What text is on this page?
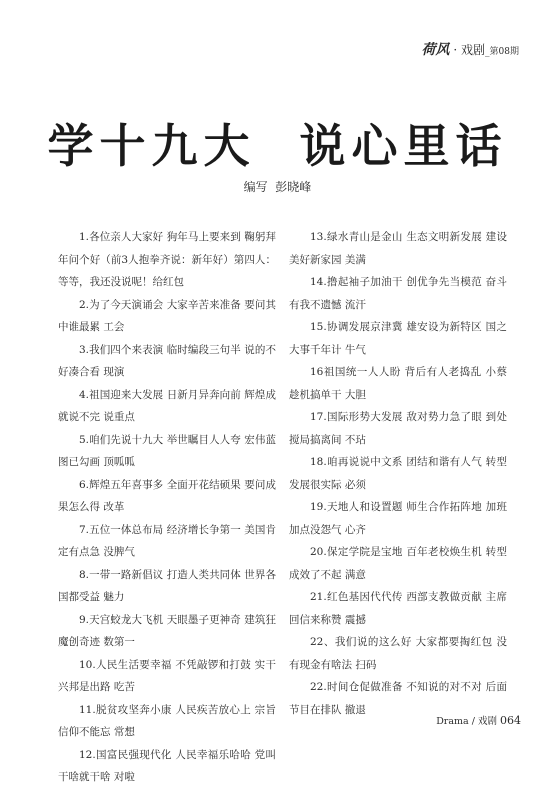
荷风 · 戏剧_第08期
学十九大  说心里话
编写  彭晓峰

1.各位亲人大家好 狗年马上要来到 鞠躬拜年问个好（前3人抱拳齐说：新年好）第四人：等等，我还没说呢！给红包

2.为了今天演诵会 大家辛苦来准备 要问其中谁最累 工会

3.我们四个来表演 临时编段三句半 说的不好凑合看 现演

4.祖国迎来大发展 日新月异奔向前 辉煌成就说不完 说重点

5.咱们先说十九大 举世瞩目人人夸 宏伟蓝图已勾画 顶呱呱

6.辉煌五年喜事多 全面开花结硕果 要问成果怎么得 改革

7.五位一体总布局 经济增长争第一 美国肯定有点急 没脾气

8.一带一路新倡议 打造人类共同体 世界各国都受益 魅力

9.天宫蛟龙大飞机 天眼墨子更神奇 建筑狂魔创奇迹 数第一

10.人民生活要幸福 不凭敲锣和打鼓 实干兴邦是出路 吃苦

11.脱贫攻坚奔小康 人民疾苦放心上 宗旨信仰不能忘 常想

12.国富民强现代化 人民幸福乐哈哈 党叫干啥就干啥 对啦

13.绿水青山是金山 生态文明新发展 建设美好新家园 美满

14.撸起袖子加油干 创优争先当模范 奋斗有我不遗憾 流汗

15.协调发展京津冀 雄安设为新特区 国之大事千年计 牛气

16祖国统一人人盼 背后有人老捣乱 小蔡趁机搞单干 大胆

17.国际形势大发展 敌对势力急了眼 到处搅局搞离间 不玷

18.咱再说说中文系 团结和谐有人气 转型发展很实际 必须

19.天地人和设置题 师生合作拓阵地 加班加点没怨气 心齐

20.保定学院是宝地 百年老校焕生机 转型成效了不起 满意

21.红色基因代代传 西部支教做贡献 主席回信来称赞 震撼

22、我们说的这么好 大家都要掏红包 没有现金有啥法 扫码

22.时间仓促做准备 不知说的对不对 后面节目在排队 撤退

Drama / 戏剧 064
